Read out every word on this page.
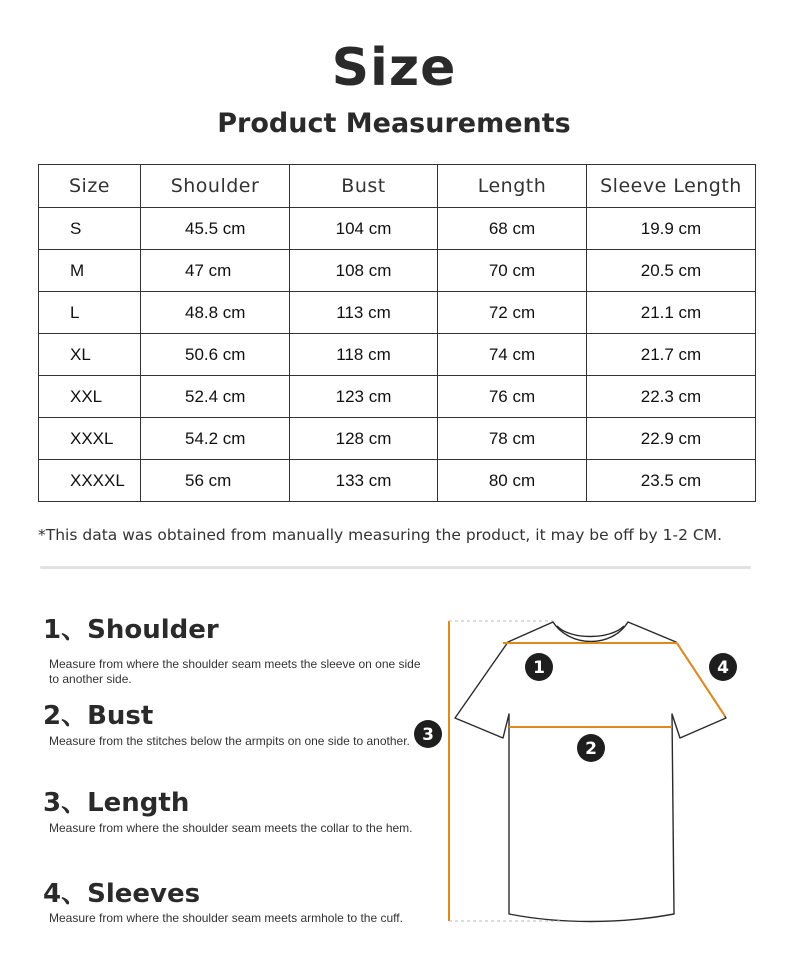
Size
Product Measurements
Size	Shoulder	Bust	Length	Sleeve Length
S	45.5 cm	104 cm	68 cm	19.9 cm
M	47 cm	108 cm	70 cm	20.5 cm
L	48.8 cm	113 cm	72 cm	21.1 cm
XL	50.6 cm	118 cm	74 cm	21.7 cm
XXL	52.4 cm	123 cm	76 cm	22.3 cm
XXXL	54.2 cm	128 cm	78 cm	22.9 cm
XXXXL	56 cm	133 cm	80 cm	23.5 cm
*This data was obtained from manually measuring the product, it may be off by 1-2 CM.
1、Shoulder
Measure from where the shoulder seam meets the sleeve on one side to another side.
2、Bust
Measure from the stitches below the armpits on one side to another.
3、Length
Measure from where the shoulder seam meets the collar to the hem.
4、Sleeves
Measure from where the shoulder seam meets armhole to the cuff.
1
2
3
4
